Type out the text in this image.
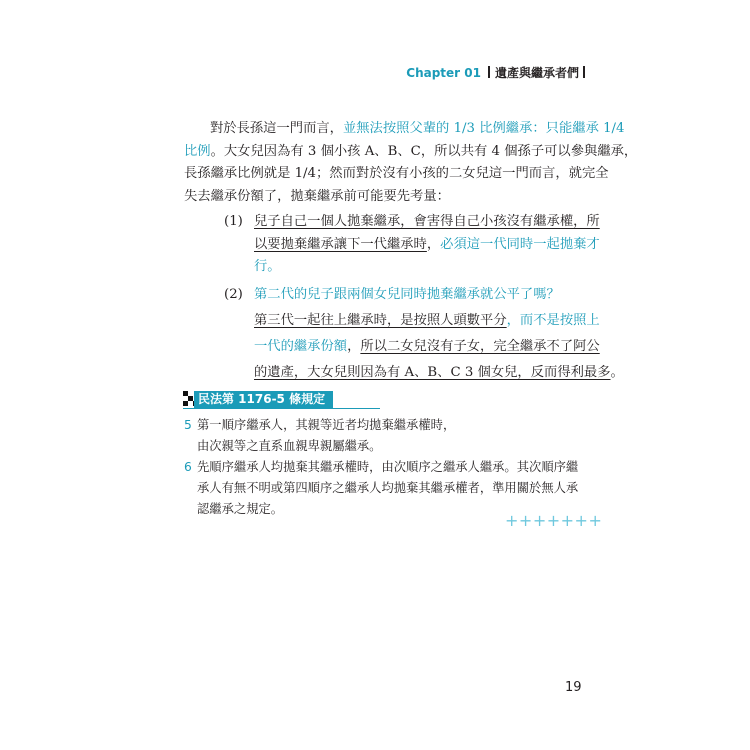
Chapter 01 遺產與繼承者們

對於長孫這一門而言，並無法按照父輩的 1/3 比例繼承：只能繼承 1/4

比例。大女兒因為有 3 個小孩 A、B、C，所以共有 4 個孫子可以參與繼承，

長孫繼承比例就是 1/4；然而對於沒有小孩的二女兒這一門而言，就完全

失去繼承份額了，拋棄繼承前可能要先考量：

(1) 兒子自己一個人拋棄繼承，會害得自己小孩沒有繼承權，所

以要拋棄繼承讓下一代繼承時，必須這一代同時一起拋棄才

行。

(2) 第二代的兒子跟兩個女兒同時拋棄繼承就公平了嗎？

第三代一起往上繼承時，是按照人頭數平分，而不是按照上

一代的繼承份額，所以二女兒沒有子女，完全繼承不了阿公

的遺產，大女兒則因為有 A、B、C 3 個女兒，反而得利最多。

民法第 1176-5 條規定
5 第一順序繼承人，其親等近者均拋棄繼承權時，

由次親等之直系血親卑親屬繼承。

6 先順序繼承人均拋棄其繼承權時，由次順序之繼承人繼承。其次順序繼

承人有無不明或第四順序之繼承人均拋棄其繼承權者，準用關於無人承

認繼承之規定。

+++++++
19
